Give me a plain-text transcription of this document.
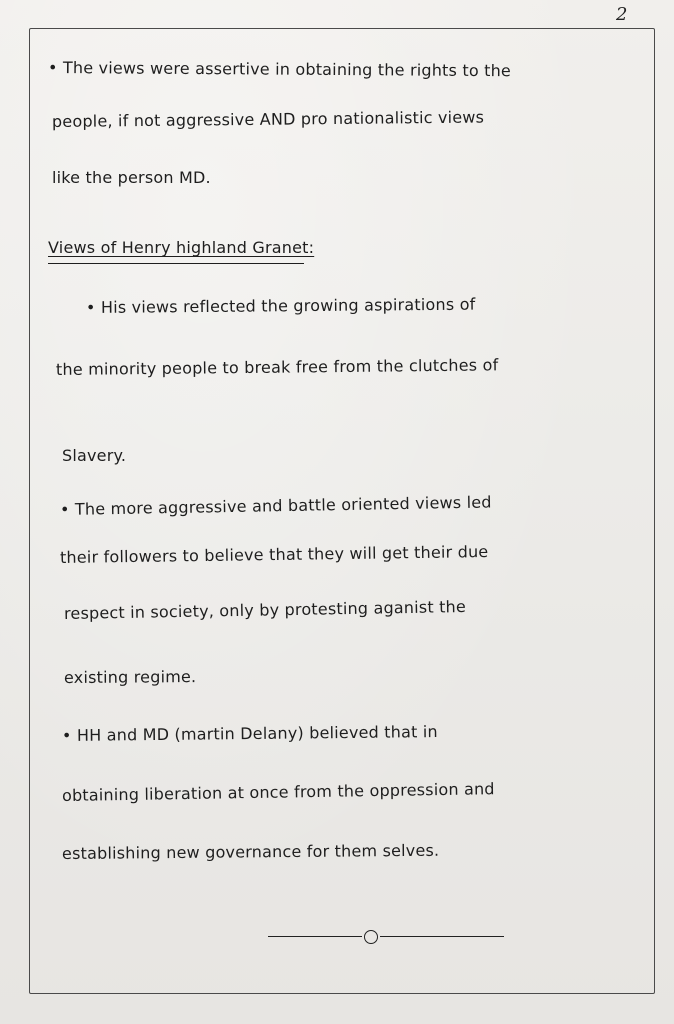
2
• The views were assertive in obtaining the rights to the
people, if not aggressive AND pro nationalistic views
like the person MD.
Views of Henry highland Granet:
• His views reflected the growing aspirations of
the minority people to break free from the clutches of
Slavery.
• The more aggressive and battle oriented views led
their followers to believe that they will get their due
respect in society, only by protesting aganist the
existing regime.
• HH and MD (martin Delany) believed that in
obtaining liberation at once from the oppression and
establishing new governance for them selves.
